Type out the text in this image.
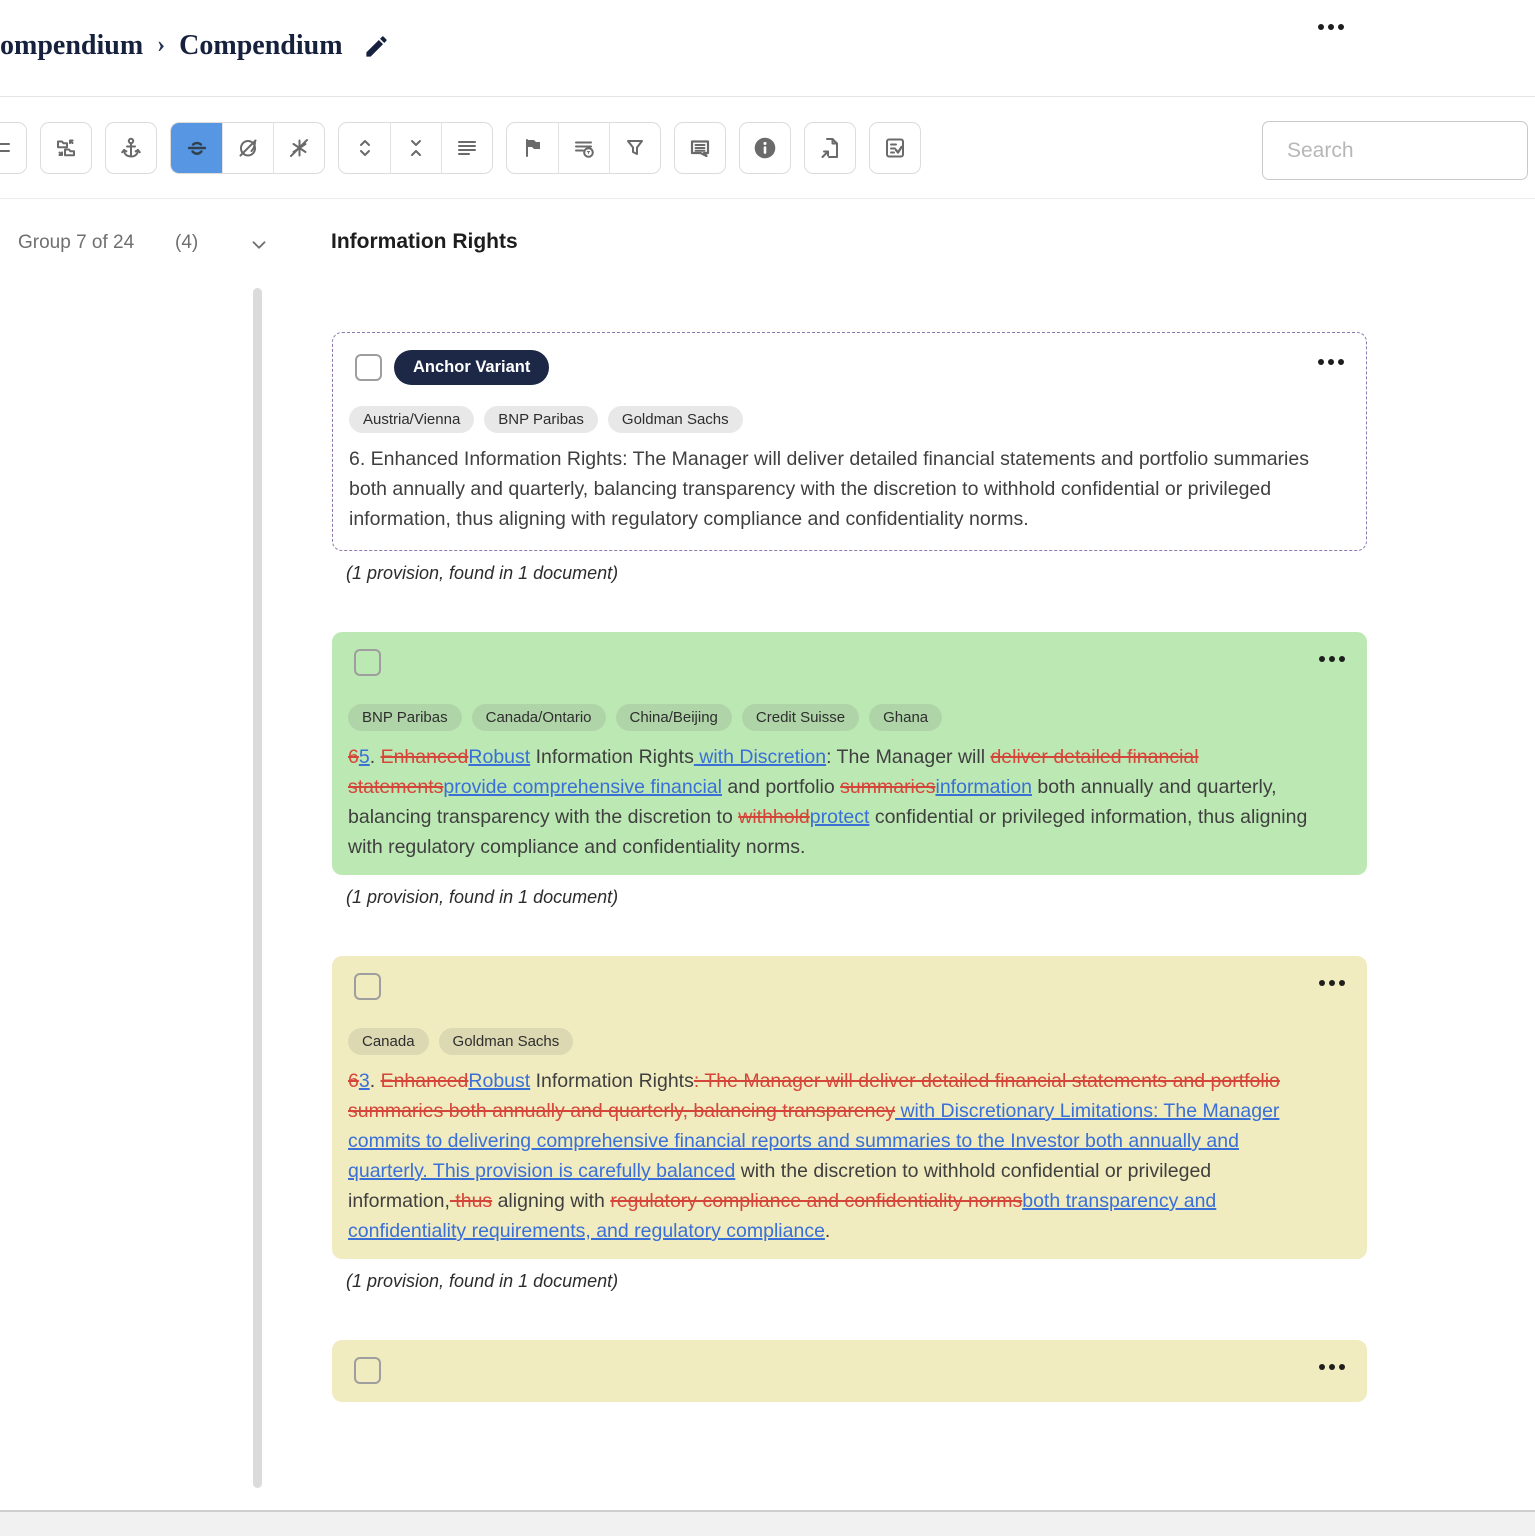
ompendium › Compendium
Search
Group 7 of 24 (4)	Information Rights
Anchor Variant
Austria/Vienna	BNP Paribas	Goldman Sachs
6. Enhanced Information Rights: The Manager will deliver detailed financial statements and portfolio summaries both annually and quarterly, balancing transparency with the discretion to withhold confidential or privileged information, thus aligning with regulatory compliance and confidentiality norms.
(1 provision, found in 1 document)
BNP Paribas	Canada/Ontario	China/Beijing	Credit Suisse	Ghana
65. EnhancedRobust Information Rights with Discretion: The Manager will deliver detailed financial statementsprovide comprehensive financial and portfolio summariesinformation both annually and quarterly, balancing transparency with the discretion to withholdprotect confidential or privileged information, thus aligning with regulatory compliance and confidentiality norms.
(1 provision, found in 1 document)
Canada	Goldman Sachs
63. EnhancedRobust Information Rights: The Manager will deliver detailed financial statements and portfolio summaries both annually and quarterly, balancing transparency with Discretionary Limitations: The Manager commits to delivering comprehensive financial reports and summaries to the Investor both annually and quarterly. This provision is carefully balanced with the discretion to withhold confidential or privileged information, thus aligning with regulatory compliance and confidentiality normsboth transparency and confidentiality requirements, and regulatory compliance.
(1 provision, found in 1 document)
